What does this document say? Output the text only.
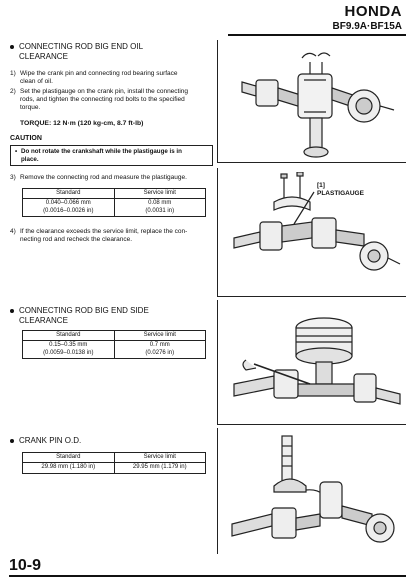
HONDA
BF9.9A·BF15A
CONNECTING ROD BIG END OIL
CLEARANCE
1) Wipe the crank pin and connecting rod bearing surface
clean of oil.
2) Set the plastigauge on the crank pin, install the connecting
rods, and tighten the connecting rod bolts to the specified
torque.
TORQUE: 12 N·m (120 kg-cm, 8.7 ft-lb)
CAUTION
• Do not rotate the crankshaft while the plastigauge is in
place.
3) Remove the connecting rod and measure the plastigauge.
Standard	Service limit
0.040–0.066 mm
(0.0016–0.0026 in)	0.08 mm
(0.0031 in)
4) If the clearance exceeds the service limit, replace the con-
necting rod and recheck the clearance.
CONNECTING ROD BIG END SIDE
CLEARANCE
Standard	Service limit
0.15–0.35 mm
(0.0059–0.0138 in)	0.7 mm
(0.0276 in)
CRANK PIN O.D.
Standard	Service limit
29.98 mm (1.180 in)	29.95 mm (1.179 in)
[1]
PLASTIGAUGE
10-9
